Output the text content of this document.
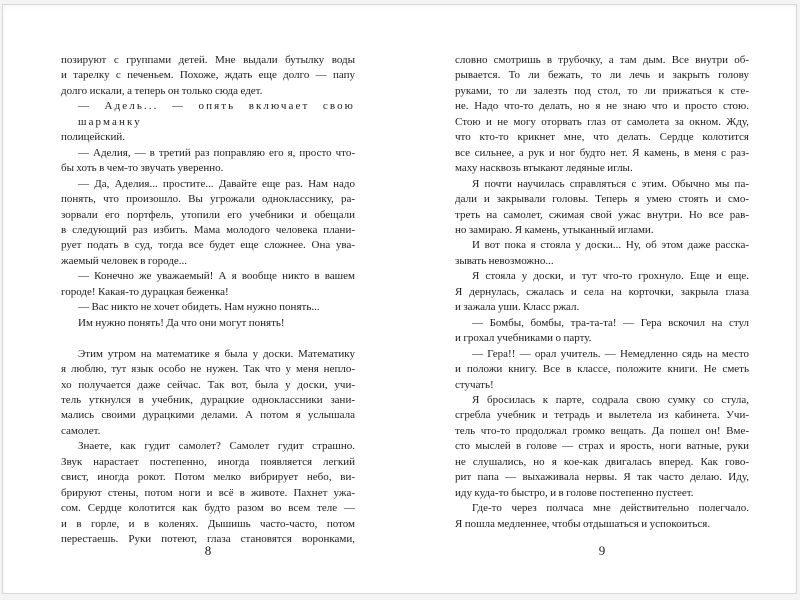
позируют с группами детей. Мне выдали бутылку воды
и тарелку с печеньем. Похоже, ждать еще долго — папу
долго искали, а теперь он только сюда едет.
— Адель... — опять включает свою шарманку
полицейский.
— Аделия, — в третий раз поправляю его я, просто что-
бы хоть в чем-то звучать уверенно.
— Да, Аделия... простите... Давайте еще раз. Нам надо
понять, что произошло. Вы угрожали однокласснику, ра-
зорвали его портфель, утопили его учебники и обещали
в следующий раз избить. Мама молодого человека плани-
рует подать в суд, тогда все будет еще сложнее. Она ува-
жаемый человек в городе...
— Конечно же уважаемый! А я вообще никто в вашем
городе! Какая-то дурацкая беженка!
— Вас никто не хочет обидеть. Нам нужно понять...
Им нужно понять! Да что они могут понять!
Этим утром на математике я была у доски. Математику
я люблю, тут язык особо не нужен. Так что у меня непло-
хо получается даже сейчас. Так вот, была у доски, учи-
тель уткнулся в учебник, дурацкие одноклассники зани-
мались своими дурацкими делами. А потом я услышала
самолет.
Знаете, как гудит самолет? Самолет гудит страшно.
Звук нарастает постепенно, иногда появляется легкий
свист, иногда рокот. Потом мелко вибрирует небо, ви-
брируют стены, потом ноги и всё в животе. Пахнет ужа-
сом. Сердце колотится как будто разом во всем теле —
и в горле, и в коленях. Дышишь часто-часто, потом
перестаешь. Руки потеют, глаза становятся воронками,
словно смотришь в трубочку, а там дым. Все внутри об-
рывается. То ли бежать, то ли лечь и закрыть голову
руками, то ли залезть под стол, то ли прижаться к сте-
не. Надо что-то делать, но я не знаю что и просто стою.
Стою и не могу оторвать глаз от самолета за окном. Жду,
что кто-то крикнет мне, что делать. Сердце колотится
все сильнее, а рук и ног будто нет. Я камень, в меня с раз-
маху насквозь втыкают ледяные иглы.
Я почти научилась справляться с этим. Обычно мы па-
дали и закрывали головы. Теперь я умею стоять и смо-
треть на самолет, сжимая свой ужас внутри. Но все рав-
но замираю. Я камень, утыканный иглами.
И вот пока я стояла у доски... Ну, об этом даже расска-
зывать невозможно...
Я стояла у доски, и тут что-то грохнуло. Еще и еще.
Я дернулась, сжалась и села на корточки, закрыла глаза
и зажала уши. Класс ржал.
— Бомбы, бомбы, тра-та-та! — Гера вскочил на стул
и грохал учебниками о парту.
— Гера!! — орал учитель. — Немедленно сядь на место
и положи книгу. Все в классе, положите книги. Не сметь
стучать!
Я бросилась к парте, содрала свою сумку со стула,
сгребла учебник и тетрадь и вылетела из кабинета. Учи-
тель что-то продолжал громко вещать. Да пошел он! Вме-
сто мыслей в голове — страх и ярость, ноги ватные, руки
не слушались, но я кое-как двигалась вперед. Как гово-
рит папа — выхаживала нервы. Я так часто делаю. Иду,
иду куда-то быстро, и в голове постепенно пустеет.
Где-то через полчаса мне действительно полегчало.
Я пошла медленнее, чтобы отдышаться и успокоиться.
8	9
